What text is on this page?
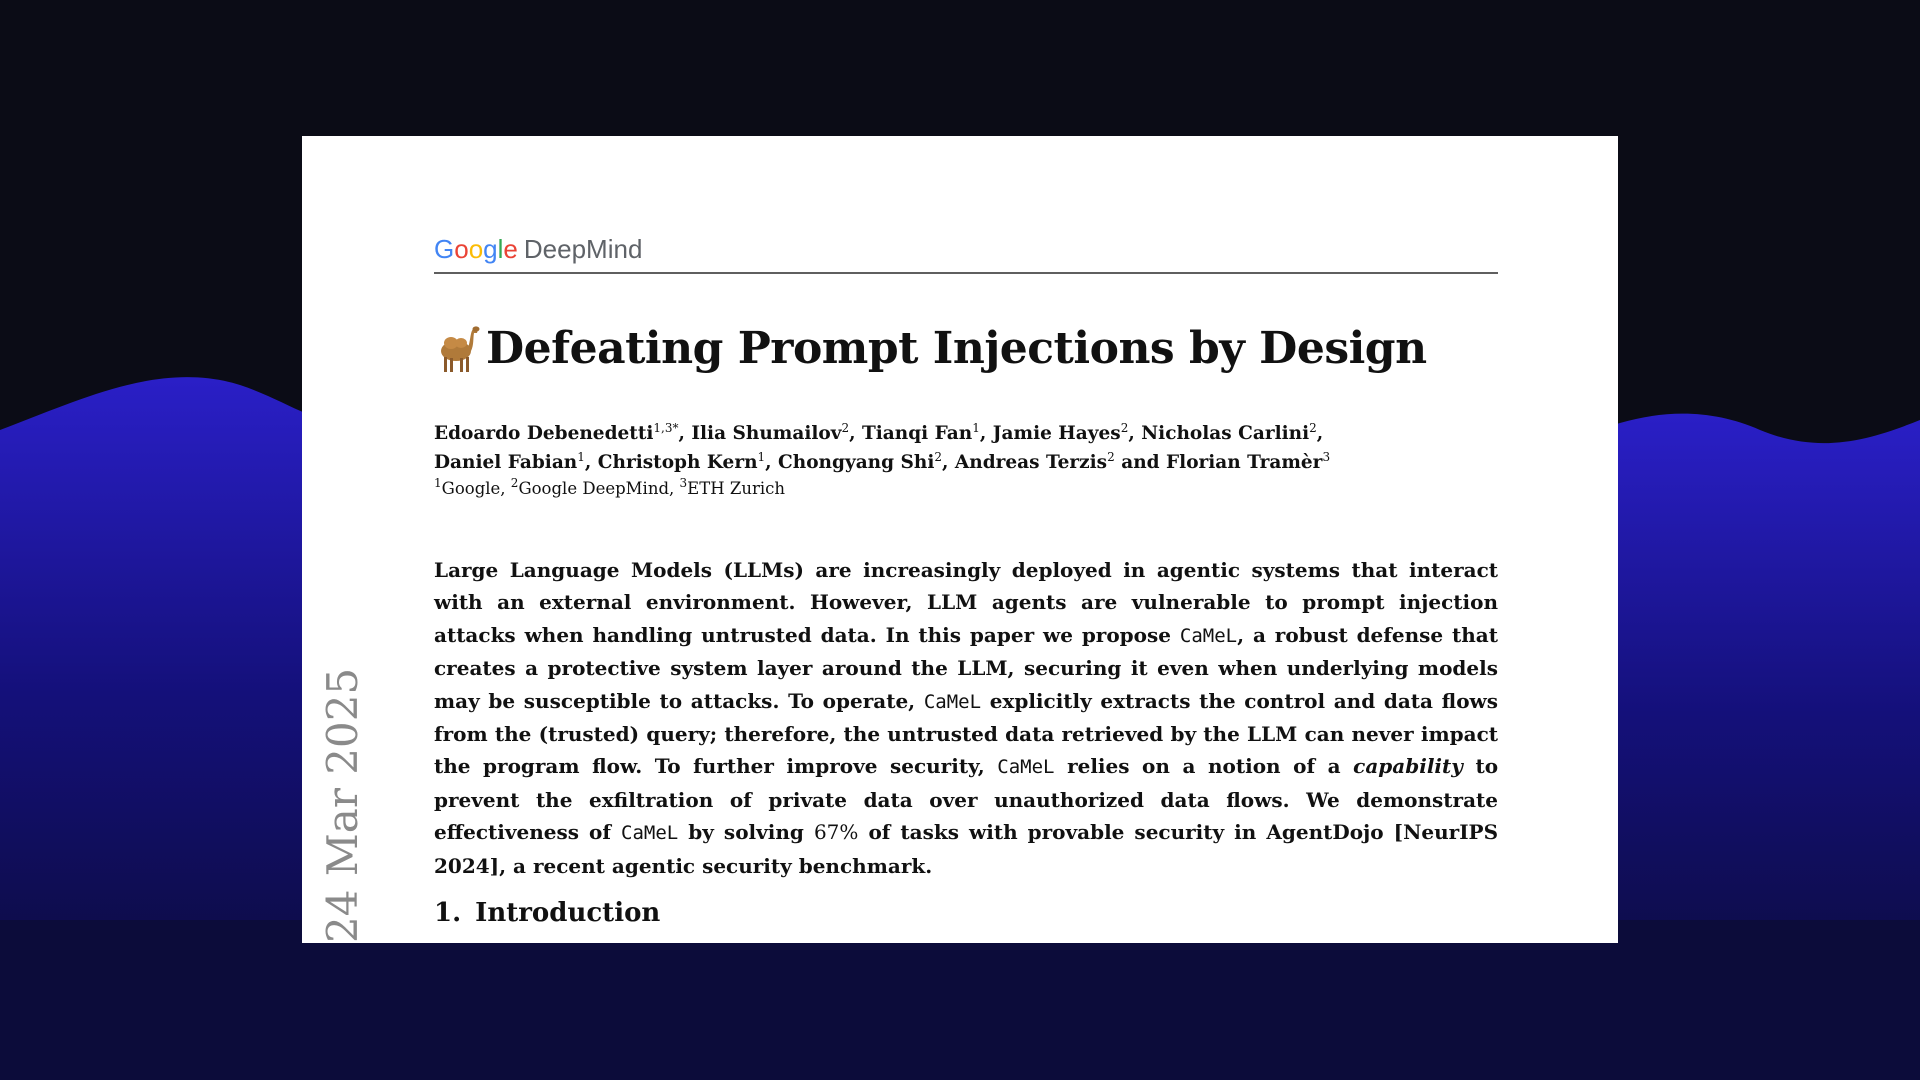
Google DeepMind
Defeating Prompt Injections by Design
Edoardo Debenedetti$^{1,3*}$, Ilia Shumailov$^2$, Tianqi Fan$^1$, Jamie Hayes$^2$, Nicholas Carlini$^2$,
Daniel Fabian$^1$, Christoph Kern$^1$, Chongyang Shi$^2$, Andreas Terzis$^2$ and Florian Tramèr$^3$
$^1$Google, $^2$Google DeepMind, $^3$ETH Zurich
Large Language Models (LLMs) are increasingly deployed in agentic systems that interact with an external environment. However, LLM agents are vulnerable to prompt injection attacks when handling untrusted data. In this paper we propose CaMeL, a robust defense that creates a protective system layer around the LLM, securing it even when underlying models may be susceptible to attacks. To operate, CaMeL explicitly extracts the control and data flows from the (trusted) query; therefore, the untrusted data retrieved by the LLM can never impact the program flow. To further improve security, CaMeL relies on a notion of a capability to prevent the exfiltration of private data over unauthorized data flows. We demonstrate effectiveness of CaMeL by solving 67% of tasks with provable security in AgentDojo [NeurIPS 2024], a recent agentic security benchmark.
1. Introduction
24 Mar 2025
